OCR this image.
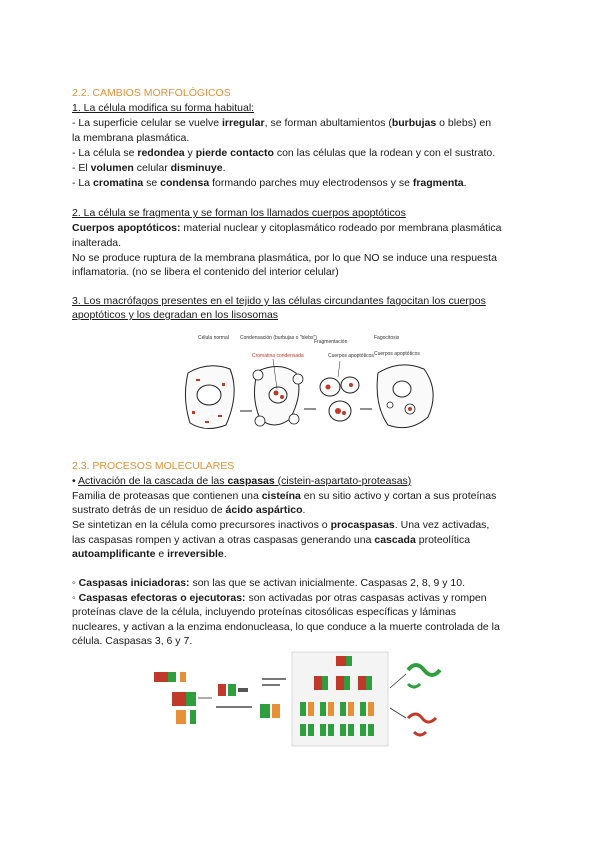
2.2. CAMBIOS MORFOLÓGICOS
1. La célula modifica su forma habitual:
- La superficie celular se vuelve irregular, se forman abultamientos (burbujas o blebs) en
la membrana plasmática.
- La célula se redondea y pierde contacto con las células que la rodean y con el sustrato.
- El volumen celular disminuye.
- La cromatina se condensa formando parches muy electrodensos y se fragmenta.
2. La célula se fragmenta y se forman los llamados cuerpos apoptóticos
Cuerpos apoptóticos: material nuclear y citoplasmático rodeado por membrana plasmática
inalterada.
No se produce ruptura de la membrana plasmática, por lo que NO se induce una respuesta
inflamatoria. (no se libera el contenido del interior celular)
3. Los macrófagos presentes en el tejido y las células circundantes fagocitan los cuerpos
apoptóticos y los degradan en los lisosomas
Célula normal Condensación (burbujas o "blebs")
Cromatina condensada
Fragmentación
Cuerpos apoptóticos
Fagocitosis
Cuerpos apoptóticos
2.3. PROCESOS MOLECULARES
• Activación de la cascada de las caspasas (cistein-aspartato-proteasas)
Familia de proteasas que contienen una cisteína en su sitio activo y cortan a sus proteínas
sustrato detrás de un residuo de ácido aspártico.
Se sintetizan en la célula como precursores inactivos o procaspasas. Una vez activadas,
las caspasas rompen y activan a otras caspasas generando una cascada proteolítica
autoamplificante e irreversible.
◦ Caspasas iniciadoras: son las que se activan inicialmente. Caspasas 2, 8, 9 y 10.
◦ Caspasas efectoras o ejecutoras: son activadas por otras caspasas activas y rompen
proteínas clave de la célula, incluyendo proteínas citosólicas específicas y láminas
nucleares, y activan a la enzima endonucleasa, lo que conduce a la muerte controlada de la
célula. Caspasas 3, 6 y 7.
